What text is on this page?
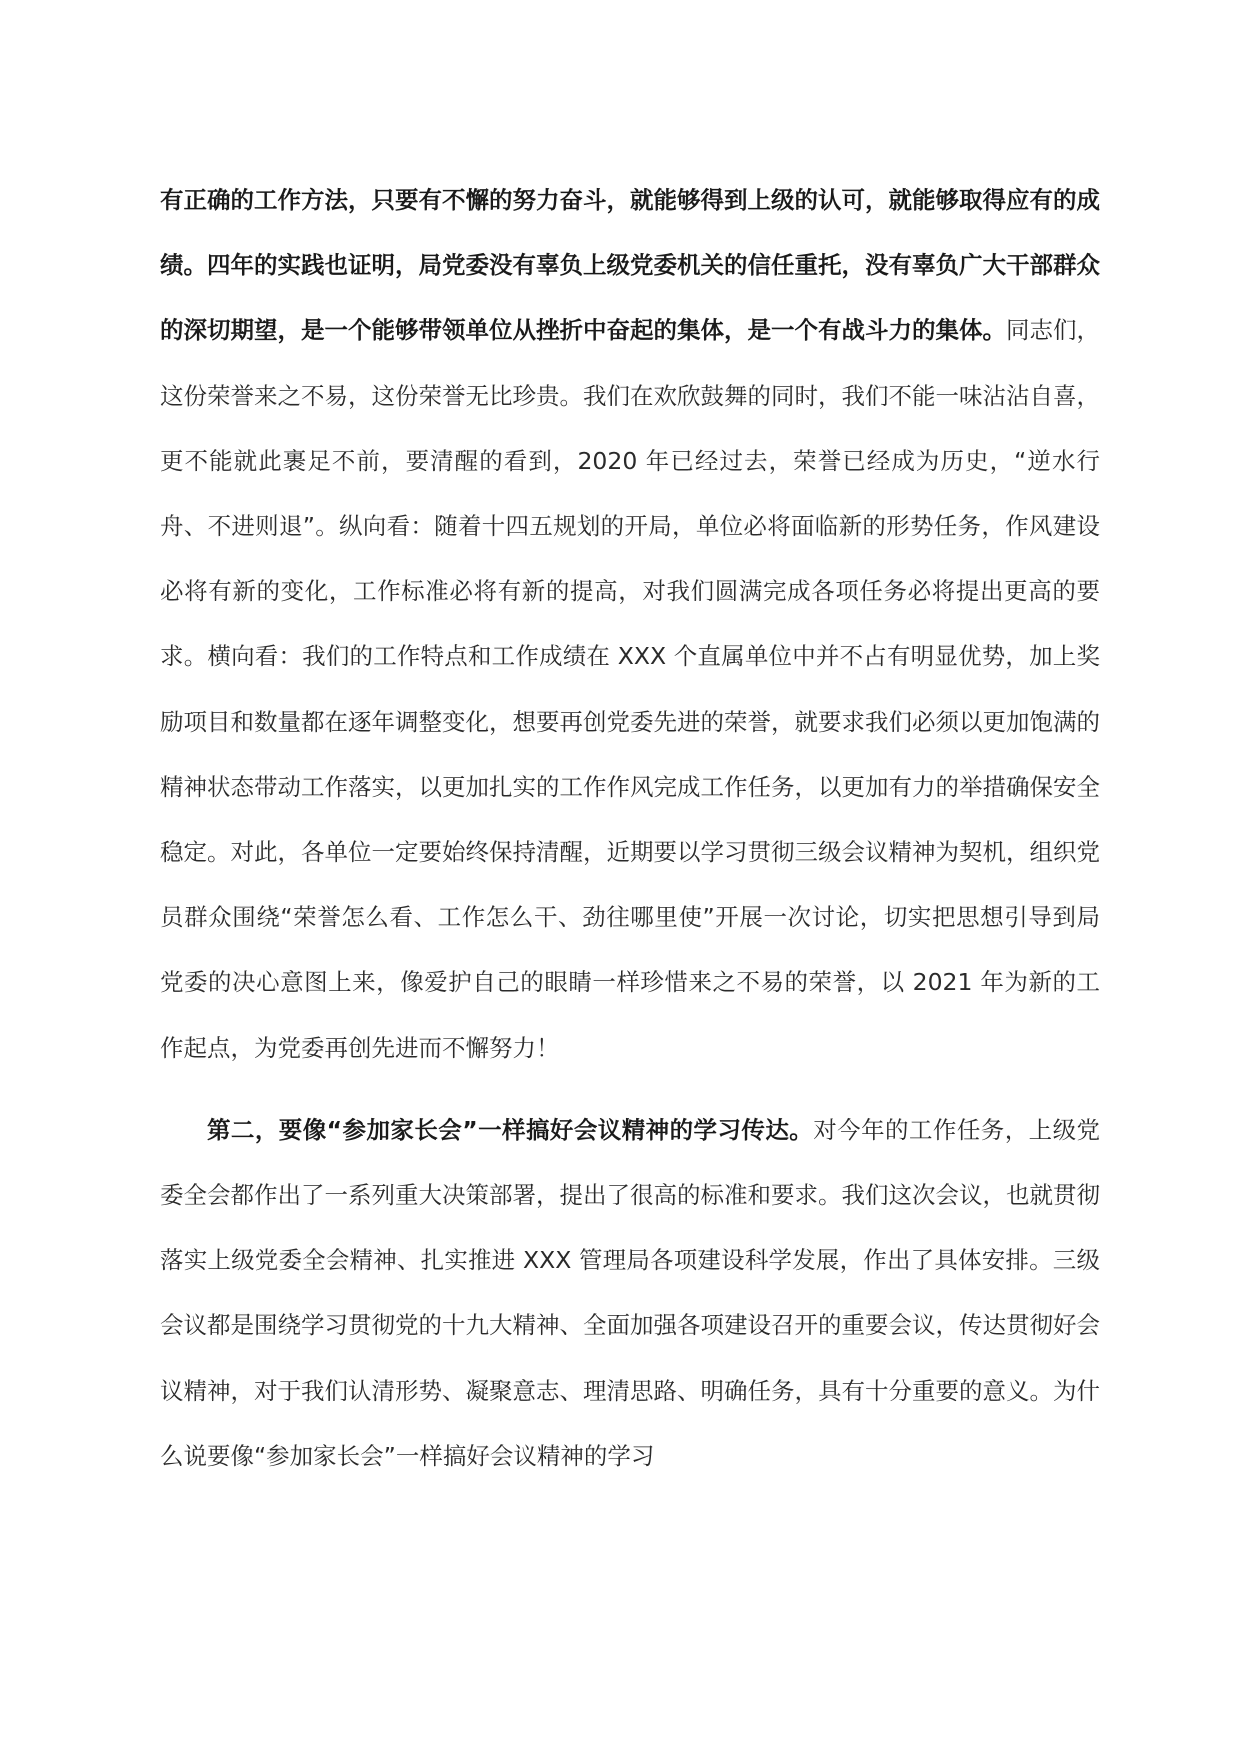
有正确的工作方法，只要有不懈的努力奋斗，就能够得到上级的认可，就能够取得应有的成绩。四年的实践也证明，局党委没有辜负上级党委机关的信任重托，没有辜负广大干部群众的深切期望，是一个能够带领单位从挫折中奋起的集体，是一个有战斗力的集体。同志们，这份荣誉来之不易，这份荣誉无比珍贵。我们在欢欣鼓舞的同时，我们不能一味沾沾自喜，更不能就此裹足不前，要清醒的看到，2020 年已经过去，荣誉已经成为历史，“逆水行舟、不进则退”。纵向看：随着十四五规划的开局，单位必将面临新的形势任务，作风建设必将有新的变化，工作标准必将有新的提高，对我们圆满完成各项任务必将提出更高的要求。横向看：我们的工作特点和工作成绩在 XXX 个直属单位中并不占有明显优势，加上奖励项目和数量都在逐年调整变化，想要再创党委先进的荣誉，就要求我们必须以更加饱满的精神状态带动工作落实，以更加扎实的工作作风完成工作任务，以更加有力的举措确保安全稳定。对此，各单位一定要始终保持清醒，近期要以学习贯彻三级会议精神为契机，组织党员群众围绕“荣誉怎么看、工作怎么干、劲往哪里使”开展一次讨论，切实把思想引导到局党委的决心意图上来，像爱护自己的眼睛一样珍惜来之不易的荣誉，以 2021 年为新的工作起点，为党委再创先进而不懈努力！

第二，要像“参加家长会”一样搞好会议精神的学习传达。对今年的工作任务，上级党委全会都作出了一系列重大决策部署，提出了很高的标准和要求。我们这次会议，也就贯彻落实上级党委全会精神、扎实推进 XXX 管理局各项建设科学发展，作出了具体安排。三级会议都是围绕学习贯彻党的十九大精神、全面加强各项建设召开的重要会议，传达贯彻好会议精神，对于我们认清形势、凝聚意志、理清思路、明确任务，具有十分重要的意义。为什么说要像“参加家长会”一样搞好会议精神的学习
